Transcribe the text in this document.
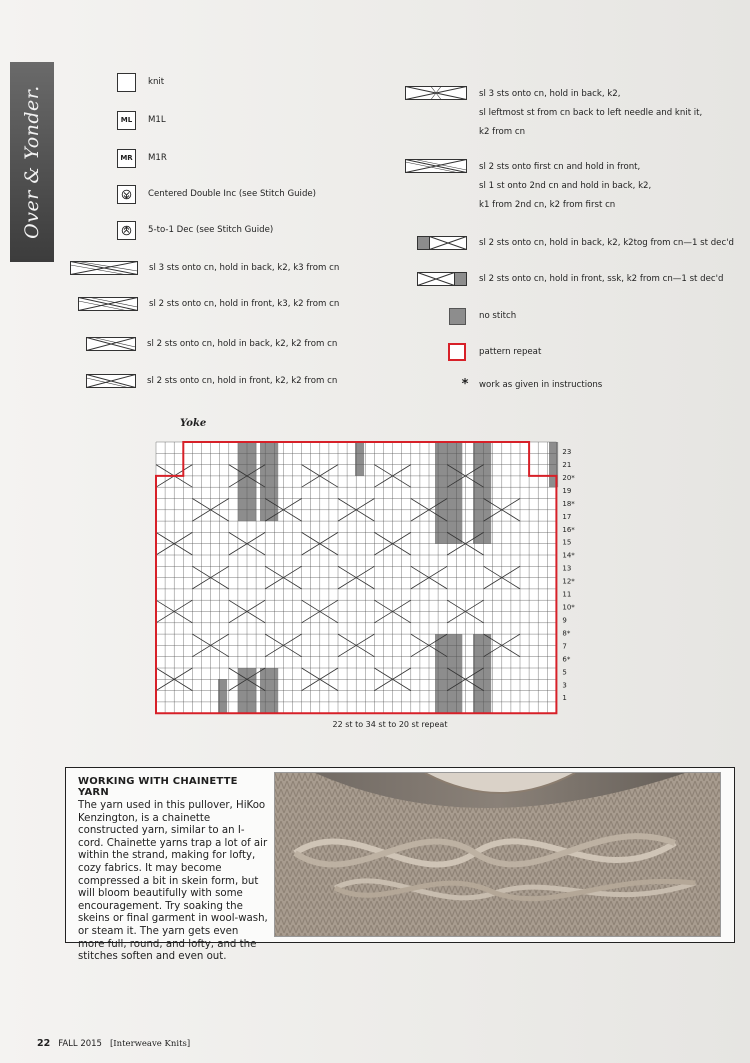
Over & Yonder.
knit
ML	M1L
MR	M1R
Centered Double Inc (see Stitch Guide)
5-to-1 Dec (see Stitch Guide)
sl 3 sts onto cn, hold in back, k2, k3 from cn
sl 2 sts onto cn, hold in front, k3, k2 from cn
sl 2 sts onto cn, hold in back, k2, k2 from cn
sl 2 sts onto cn, hold in front, k2, k2 from cn

sl 3 sts onto cn, hold in back, k2,

sl leftmost st from cn back to left needle and knit it,

k2 from cn

sl 2 sts onto first cn and hold in front,

sl 1 st onto 2nd cn and hold in back, k2,

k1 from 2nd cn, k2 from first cn

sl 2 sts onto cn, hold in back, k2, k2tog from cn—1 st dec'd
sl 2 sts onto cn, hold in front, ssk, k2 from cn—1 st dec'd
no stitch
pattern repeat
*	work as given in instructions
Yoke
23
21
20*
19
18*
17
16*
15
14*
13
12*
11
10*
9
8*
7
6*
5
3
1
22 st to 34 st to 20 st repeat
WORKING WITH CHAINETTE YARN
The yarn used in this pullover, HiKoo Kenzington, is a chainette constructed yarn, similar to an I-cord. Chainette yarns trap a lot of air within the strand, making for lofty, cozy fabrics. It may become compressed a bit in skein form, but will bloom beautifully with some encouragement. Try soaking the skeins or final garment in wool-wash, or steam it. The yarn gets even more full, round, and lofty, and the stitches soften and even out.
22 FALL 2015 [Interweave Knits]
